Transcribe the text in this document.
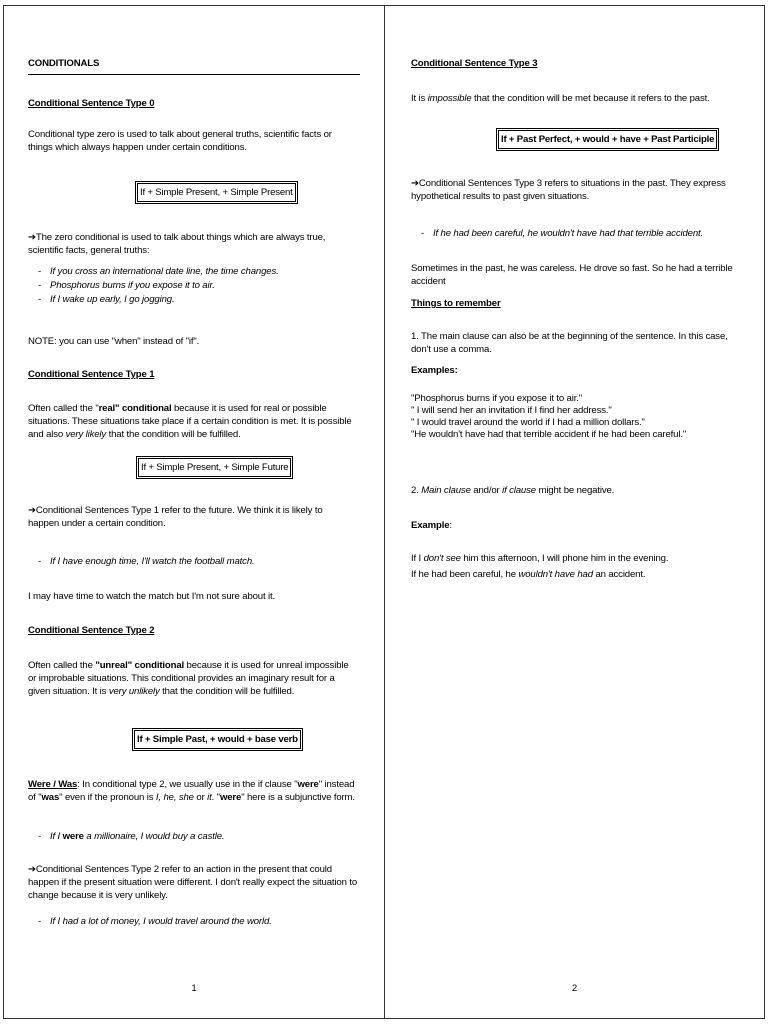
CONDITIONALS
Conditional Sentence Type 0
Conditional type zero is used to talk about general truths, scientific facts or things which always happen under certain conditions.
If + Simple Present, + Simple Present
➔The zero conditional is used to talk about things which are always true, scientific facts, general truths:
- If you cross an international date line, the time changes.
- Phosphorus burns if you expose it to air.
- If I wake up early, I go jogging.
NOTE: you can use "when" instead of "if".
Conditional Sentence Type 1
Often called the "real" conditional because it is used for real or possible situations. These situations take place if a certain condition is met. It is possible and also very likely that the condition will be fulfilled.
If + Simple Present, + Simple Future
➔Conditional Sentences Type 1 refer to the future. We think it is likely to happen under a certain condition.
- If I have enough time, I'll watch the football match.
I may have time to watch the match but I'm not sure about it.
Conditional Sentence Type 2
Often called the "unreal" conditional because it is used for unreal impossible or improbable situations. This conditional provides an imaginary result for a given situation. It is very unlikely that the condition will be fulfilled.
If + Simple Past, + would + base verb
Were / Was: In conditional type 2, we usually use in the if clause "were" instead of "was" even if the pronoun is I, he, she or it. "were" here is a subjunctive form.
- If I were a millionaire, I would buy a castle.
➔Conditional Sentences Type 2 refer to an action in the present that could happen if the present situation were different. I don't really expect the situation to change because it is very unlikely.
- If I had a lot of money, I would travel around the world.
1
Conditional Sentence Type 3
It is impossible that the condition will be met because it refers to the past.
If + Past Perfect, + would + have + Past Participle
➔Conditional Sentences Type 3 refers to situations in the past. They express hypothetical results to past given situations.
- If he had been careful, he wouldn't have had that terrible accident.
Sometimes in the past, he was careless. He drove so fast. So he had a terrible accident
Things to remember
1. The main clause can also be at the beginning of the sentence. In this case, don't use a comma.
Examples:
"Phosphorus burns if you expose it to air."
" I will send her an invitation if I find her address."
" I would travel around the world if I had a million dollars."
"He wouldn't have had that terrible accident if he had been careful."
2. Main clause and/or if clause might be negative.
Example:
If I don't see him this afternoon, I will phone him in the evening.
If he had been careful, he wouldn't have had an accident.
2
